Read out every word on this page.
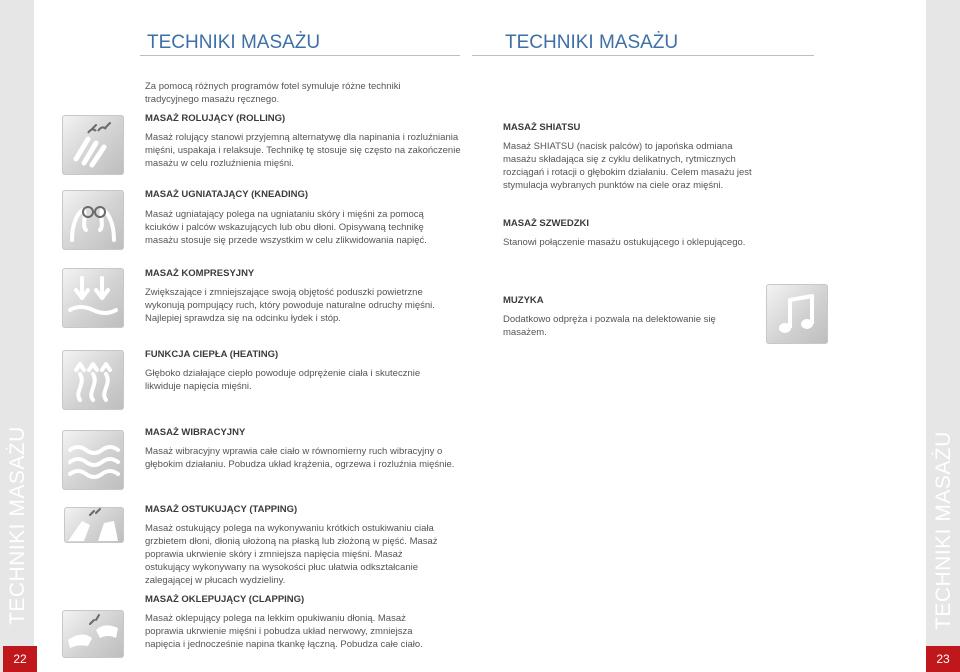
TECHNIKI MASAŻU	TECHNIKI MASAŻU
22	23
TECHNIKI MASAŻU	TECHNIKI MASAŻU

Za pomocą różnych programów fotel symuluje różne techniki tradycyjnego masażu ręcznego.

MASAŻ ROLUJĄCY (ROLLING)

Masaż rolujący stanowi przyjemną alternatywę dla napinania i rozluźniania mięśni, uspakaja i relaksuje. Technikę tę stosuje się często na zakończenie masażu w celu rozluźnienia mięśni.

MASAŻ UGNIATAJĄCY (KNEADING)

Masaż ugniatający polega na ugniataniu skóry i mięśni za pomocą kciuków i palców wskazujących lub obu dłoni. Opisywaną technikę masażu stosuje się przede wszystkim w celu zlikwidowania napięć.

MASAŻ KOMPRESYJNY

Zwiększające i zmniejszające swoją objętość poduszki powietrzne wykonują pompujący ruch, który powoduje naturalne odruchy mięśni. Najlepiej sprawdza się na odcinku łydek i stóp.

FUNKCJA CIEPŁA (HEATING)

Głęboko działające ciepło powoduje odprężenie ciała i skutecznie likwiduje napięcia mięśni.

MASAŻ WIBRACYJNY

Masaż wibracyjny wprawia całe ciało w równomierny ruch wibracyjny o głębokim działaniu. Pobudza układ krążenia, ogrzewa i rozluźnia mięśnie.

MASAŻ OSTUKUJĄCY (TAPPING)

Masaż ostukujący polega na wykonywaniu krótkich ostukiwaniu ciała grzbietem dłoni, dłonią ułożoną na płaską lub złożoną w pięść. Masaż poprawia ukrwienie skóry i zmniejsza napięcia mięśni. Masaż ostukujący wykonywany na wysokości płuc ułatwia odkształcanie zalegającej w płucach wydzieliny.

MASAŻ OKLEPUJĄCY (CLAPPING)

Masaż oklepujący polega na lekkim opukiwaniu dłonią. Masaż poprawia ukrwienie mięśni i pobudza układ nerwowy, zmniejsza napięcia i jednocześnie napina tkankę łączną. Pobudza całe ciało.

MASAŻ SHIATSU

Masaż SHIATSU (nacisk palców) to japońska odmiana masażu składająca się z cyklu delikatnych, rytmicznych rozciągań i rotacji o głębokim działaniu. Celem masażu jest stymulacja wybranych punktów na ciele oraz mięśni.

MASAŻ SZWEDZKI

Stanowi połączenie masażu ostukującego i oklepującego.

MUZYKA

Dodatkowo odpręża i pozwala na delektowanie się masażem.
